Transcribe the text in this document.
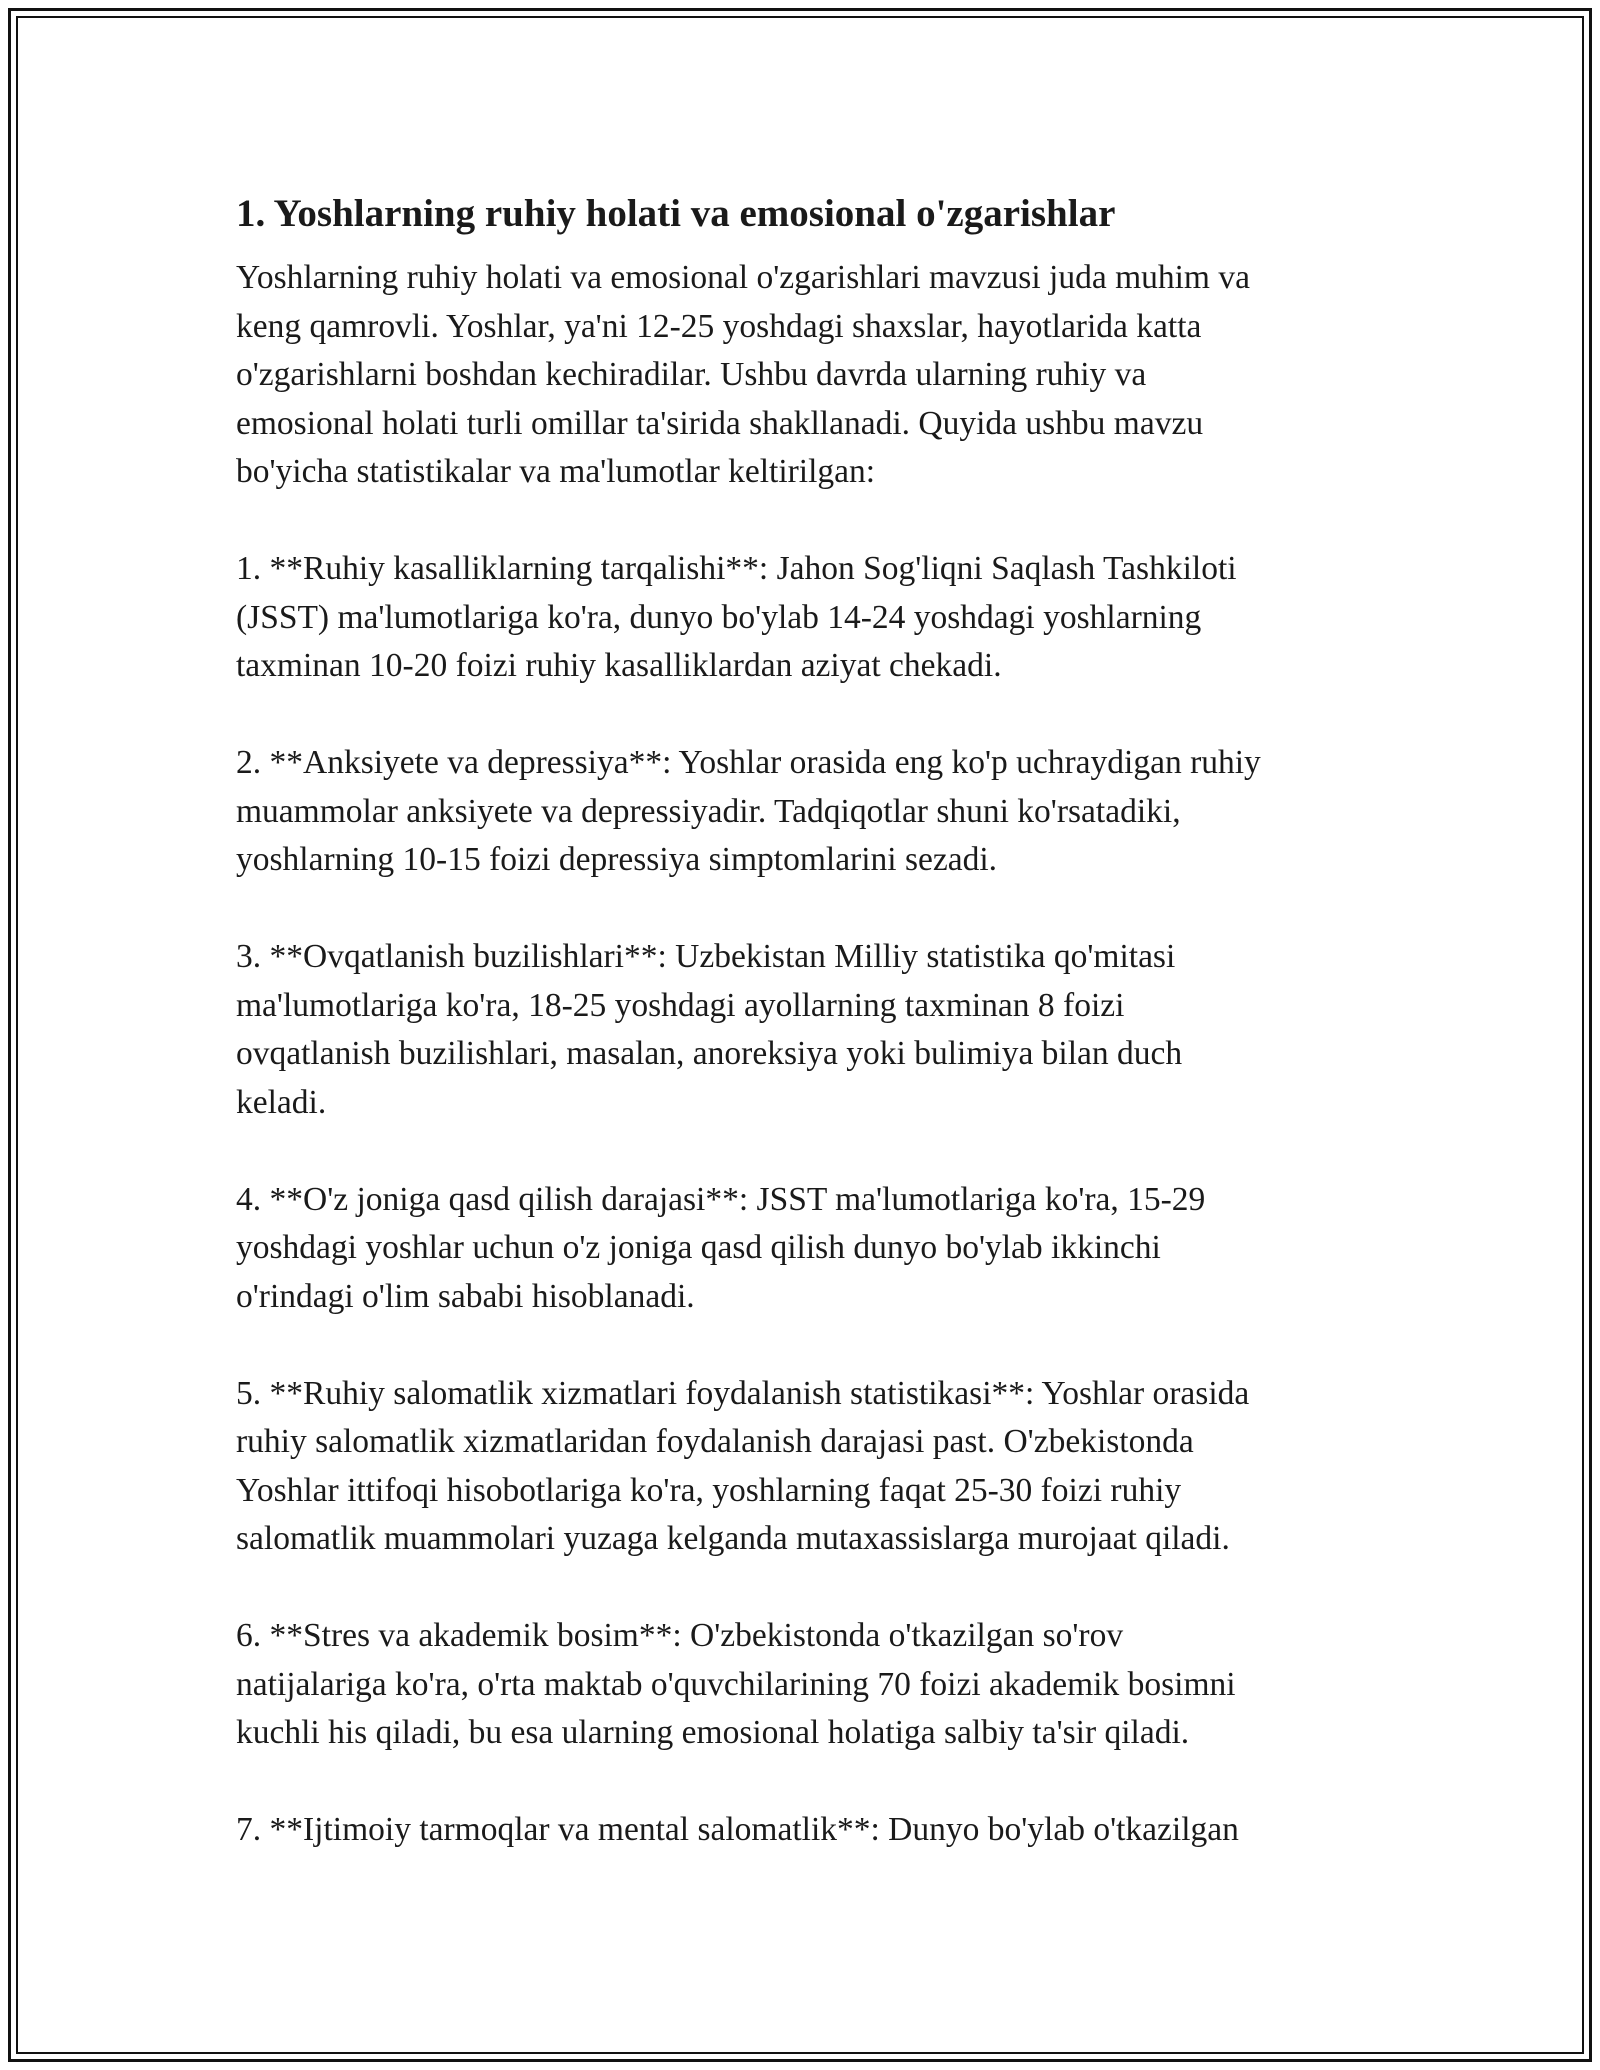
1. Yoshlarning ruhiy holati va emosional o'zgarishlar

Yoshlarning ruhiy holati va emosional o'zgarishlari mavzusi juda muhim va

keng qamrovli. Yoshlar, ya'ni 12-25 yoshdagi shaxslar, hayotlarida katta

o'zgarishlarni boshdan kechiradilar. Ushbu davrda ularning ruhiy va

emosional holati turli omillar ta'sirida shakllanadi. Quyida ushbu mavzu

bo'yicha statistikalar va ma'lumotlar keltirilgan:

1. **Ruhiy kasalliklarning tarqalishi**: Jahon Sog'liqni Saqlash Tashkiloti

(JSST) ma'lumotlariga ko'ra, dunyo bo'ylab 14-24 yoshdagi yoshlarning

taxminan 10-20 foizi ruhiy kasalliklardan aziyat chekadi.

2. **Anksiyete va depressiya**: Yoshlar orasida eng ko'p uchraydigan ruhiy

muammolar anksiyete va depressiyadir. Tadqiqotlar shuni ko'rsatadiki,

yoshlarning 10-15 foizi depressiya simptomlarini sezadi.

3. **Ovqatlanish buzilishlari**: Uzbekistan Milliy statistika qo'mitasi

ma'lumotlariga ko'ra, 18-25 yoshdagi ayollarning taxminan 8 foizi

ovqatlanish buzilishlari, masalan, anoreksiya yoki bulimiya bilan duch

keladi.

4. **O'z joniga qasd qilish darajasi**: JSST ma'lumotlariga ko'ra, 15-29

yoshdagi yoshlar uchun o'z joniga qasd qilish dunyo bo'ylab ikkinchi

o'rindagi o'lim sababi hisoblanadi.

5. **Ruhiy salomatlik xizmatlari foydalanish statistikasi**: Yoshlar orasida

ruhiy salomatlik xizmatlaridan foydalanish darajasi past. O'zbekistonda

Yoshlar ittifoqi hisobotlariga ko'ra, yoshlarning faqat 25-30 foizi ruhiy

salomatlik muammolari yuzaga kelganda mutaxassislarga murojaat qiladi.

6. **Stres va akademik bosim**: O'zbekistonda o'tkazilgan so'rov

natijalariga ko'ra, o'rta maktab o'quvchilarining 70 foizi akademik bosimni

kuchli his qiladi, bu esa ularning emosional holatiga salbiy ta'sir qiladi.

7. **Ijtimoiy tarmoqlar va mental salomatlik**: Dunyo bo'ylab o'tkazilgan
